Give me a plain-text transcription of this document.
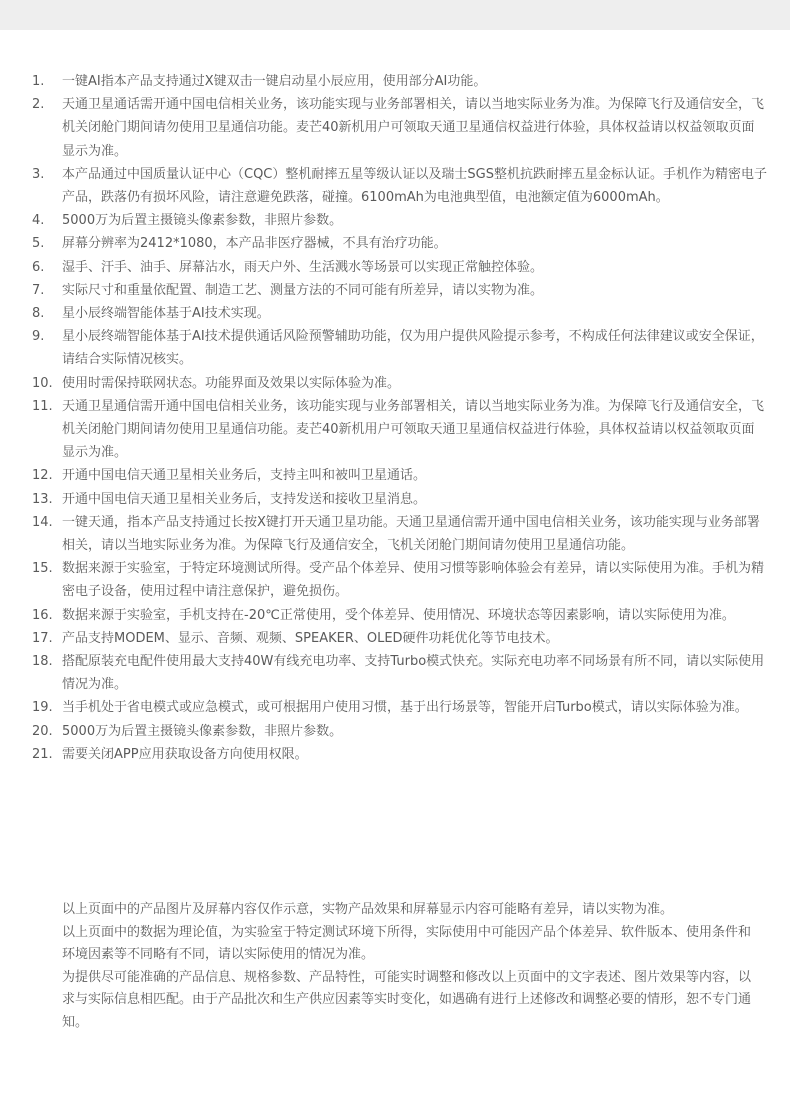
1.	一键AI指本产品支持通过X键双击一键启动星小辰应用，使用部分AI功能。
2.	天通卫星通话需开通中国电信相关业务，该功能实现与业务部署相关，请以当地实际业务为准。为保障飞行及通信安全，飞机关闭舱门期间请勿使用卫星通信功能。麦芒40新机用户可领取天通卫星通信权益进行体验，具体权益请以权益领取页面显示为准。
3.	本产品通过中国质量认证中心（CQC）整机耐摔五星等级认证以及瑞士SGS整机抗跌耐摔五星金标认证。手机作为精密电子产品，跌落仍有损坏风险，请注意避免跌落，碰撞。6100mAh为电池典型值，电池额定值为6000mAh。
4.	5000万为后置主摄镜头像素参数，非照片参数。
5.	屏幕分辨率为2412*1080，本产品非医疗器械，不具有治疗功能。
6.	湿手、汗手、油手、屏幕沾水，雨天户外、生活溅水等场景可以实现正常触控体验。
7.	实际尺寸和重量依配置、制造工艺、测量方法的不同可能有所差异，请以实物为准。
8.	星小辰终端智能体基于AI技术实现。
9.	星小辰终端智能体基于AI技术提供通话风险预警辅助功能，仅为用户提供风险提示参考，不构成任何法律建议或安全保证，请结合实际情况核实。
10. 使用时需保持联网状态。功能界面及效果以实际体验为准。
11. 天通卫星通信需开通中国电信相关业务，该功能实现与业务部署相关，请以当地实际业务为准。为保障飞行及通信安全，飞机关闭舱门期间请勿使用卫星通信功能。麦芒40新机用户可领取天通卫星通信权益进行体验，具体权益请以权益领取页面显示为准。
12. 开通中国电信天通卫星相关业务后，支持主叫和被叫卫星通话。
13. 开通中国电信天通卫星相关业务后，支持发送和接收卫星消息。
14. 一键天通，指本产品支持通过长按X键打开天通卫星功能。天通卫星通信需开通中国电信相关业务，该功能实现与业务部署相关，请以当地实际业务为准。为保障飞行及通信安全，飞机关闭舱门期间请勿使用卫星通信功能。
15. 数据来源于实验室，于特定环境测试所得。受产品个体差异、使用习惯等影响体验会有差异，请以实际使用为准。手机为精密电子设备，使用过程中请注意保护，避免损伤。
16. 数据来源于实验室，手机支持在-20℃正常使用，受个体差异、使用情况、环境状态等因素影响，请以实际使用为准。
17. 产品支持MODEM、显示、音频、观频、SPEAKER、OLED硬件功耗优化等节电技术。
18. 搭配原装充电配件使用最大支持40W有线充电功率、支持Turbo模式快充。实际充电功率不同场景有所不同，请以实际使用情况为准。
19. 当手机处于省电模式或应急模式，或可根据用户使用习惯，基于出行场景等，智能开启Turbo模式，请以实际体验为准。
20. 5000万为后置主摄镜头像素参数，非照片参数。
21. 需要关闭APP应用获取设备方向使用权限。

以上页面中的产品图片及屏幕内容仅作示意，实物产品效果和屏幕显示内容可能略有差异，请以实物为准。

以上页面中的数据为理论值，为实验室于特定测试环境下所得，实际使用中可能因产品个体差异、软件版本、使用条件和环境因素等不同略有不同，请以实际使用的情况为准。

为提供尽可能准确的产品信息、规格参数、产品特性，可能实时调整和修改以上页面中的文字表述、图片效果等内容，以求与实际信息相匹配。由于产品批次和生产供应因素等实时变化，如遇确有进行上述修改和调整必要的情形，恕不专门通知。
